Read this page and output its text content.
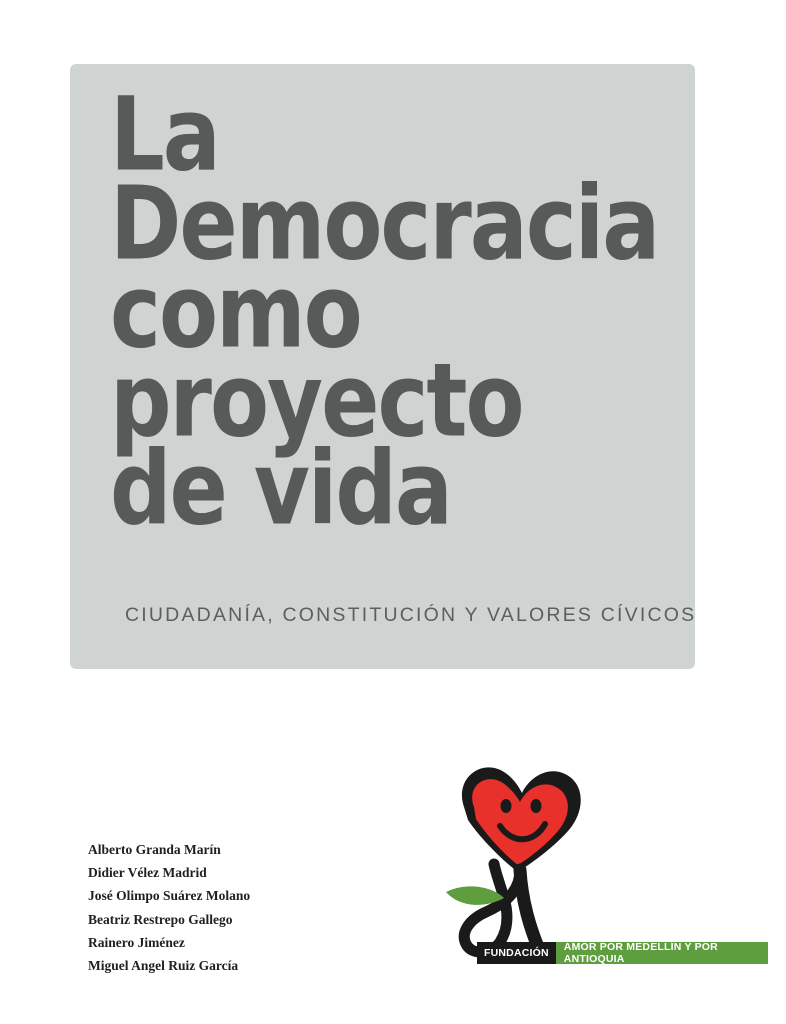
La
Democracia
como
proyecto
de vida
CIUDADANÍA, CONSTITUCIÓN Y VALORES CÍVICOS
Alberto Granda Marín
Didier Vélez Madrid
José Olimpo Suárez Molano
Beatriz Restrepo Gallego
Rainero Jiménez
Miguel Angel Ruiz García
FUNDACIÓN	AMOR POR MEDELLÍN Y POR ANTIOQUIA
